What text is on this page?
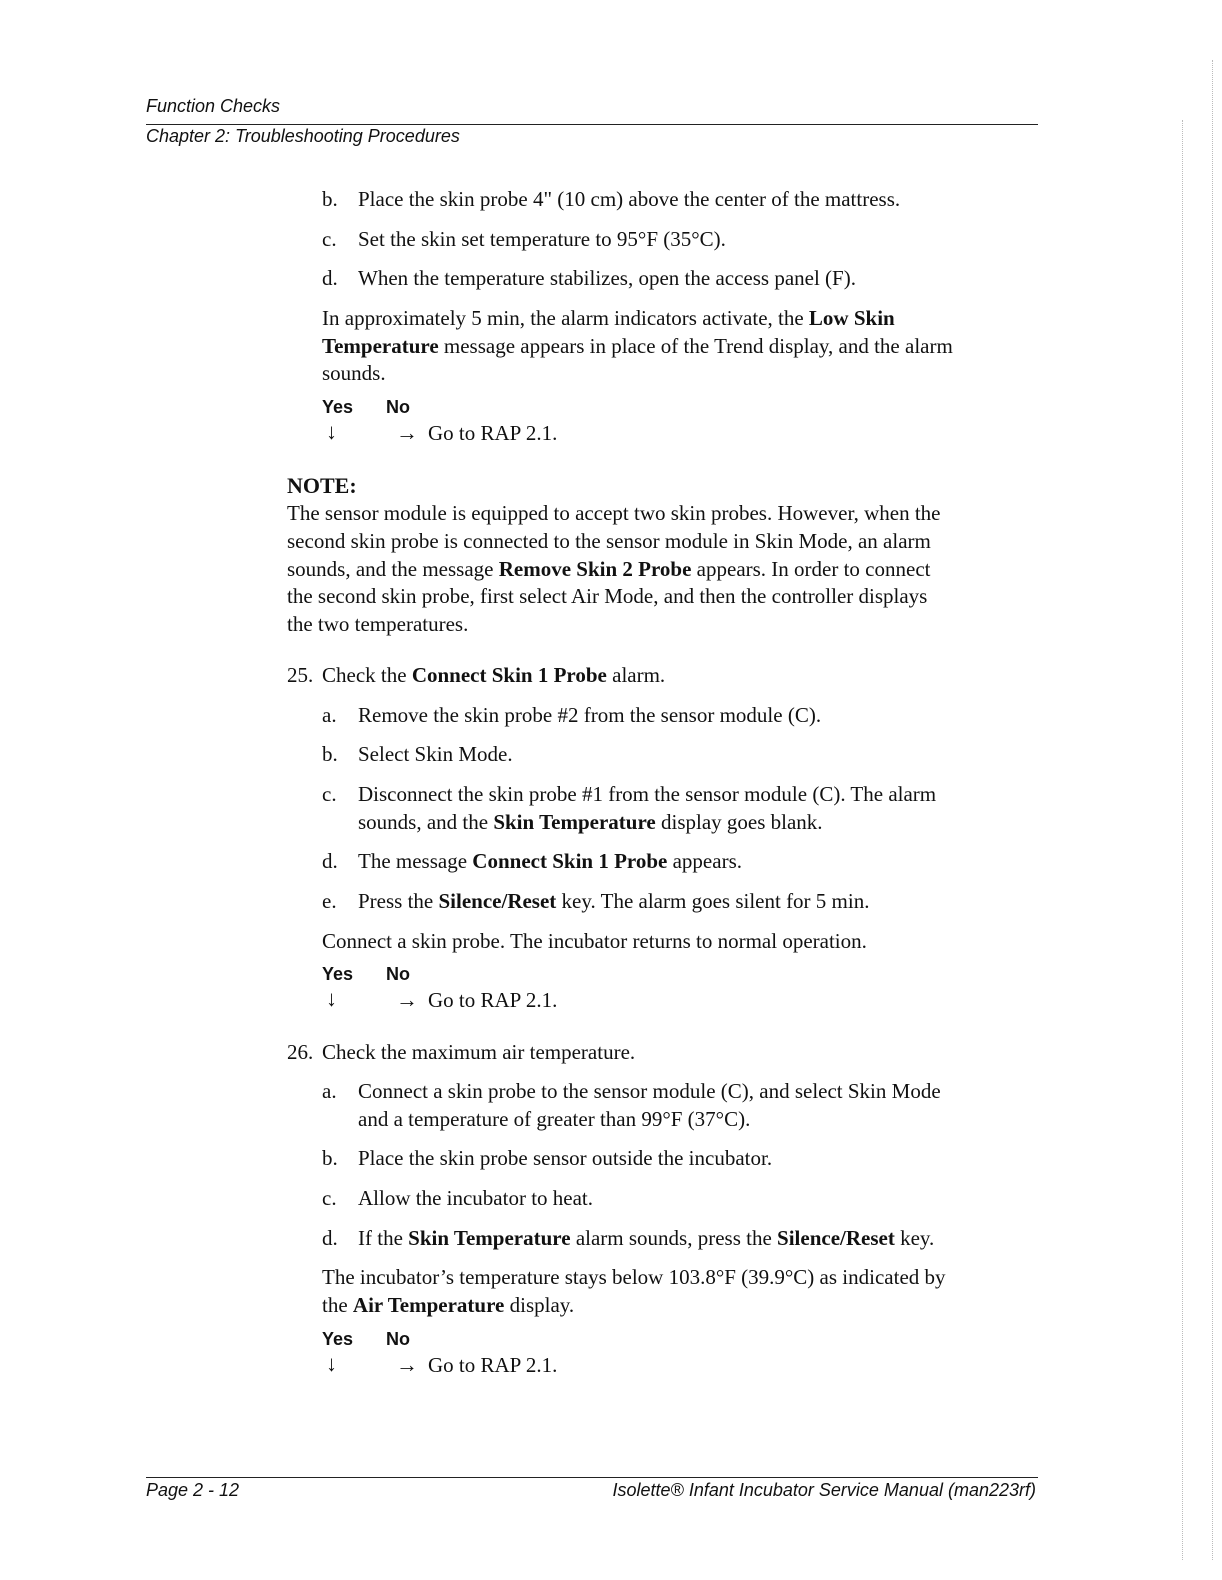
Function Checks
Chapter 2: Troubleshooting Procedures
b. Place the skin probe 4" (10 cm) above the center of the mattress.
c. Set the skin set temperature to 95°F (35°C).
d. When the temperature stabilizes, open the access panel (F).
In approximately 5 min, the alarm indicators activate, the Low Skin
Temperature message appears in place of the Trend display, and the alarm
sounds.
Yes No
↓	→ Go to RAP 2.1.
NOTE:
The sensor module is equipped to accept two skin probes. However, when the
second skin probe is connected to the sensor module in Skin Mode, an alarm
sounds, and the message Remove Skin 2 Probe appears. In order to connect
the second skin probe, first select Air Mode, and then the controller displays
the two temperatures.
25. Check the Connect Skin 1 Probe alarm.
a. Remove the skin probe #2 from the sensor module (C).
b. Select Skin Mode.
c. Disconnect the skin probe #1 from the sensor module (C). The alarm
sounds, and the Skin Temperature display goes blank.
d. The message Connect Skin 1 Probe appears.
e. Press the Silence/Reset key. The alarm goes silent for 5 min.
Connect a skin probe. The incubator returns to normal operation.
Yes No
↓	→ Go to RAP 2.1.
26. Check the maximum air temperature.
a. Connect a skin probe to the sensor module (C), and select Skin Mode
and a temperature of greater than 99°F (37°C).
b. Place the skin probe sensor outside the incubator.
c. Allow the incubator to heat.
d. If the Skin Temperature alarm sounds, press the Silence/Reset key.
The incubator’s temperature stays below 103.8°F (39.9°C) as indicated by
the Air Temperature display.
Yes No
↓	→ Go to RAP 2.1.
Page 2 - 12	Isolette® Infant Incubator Service Manual (man223rf)
